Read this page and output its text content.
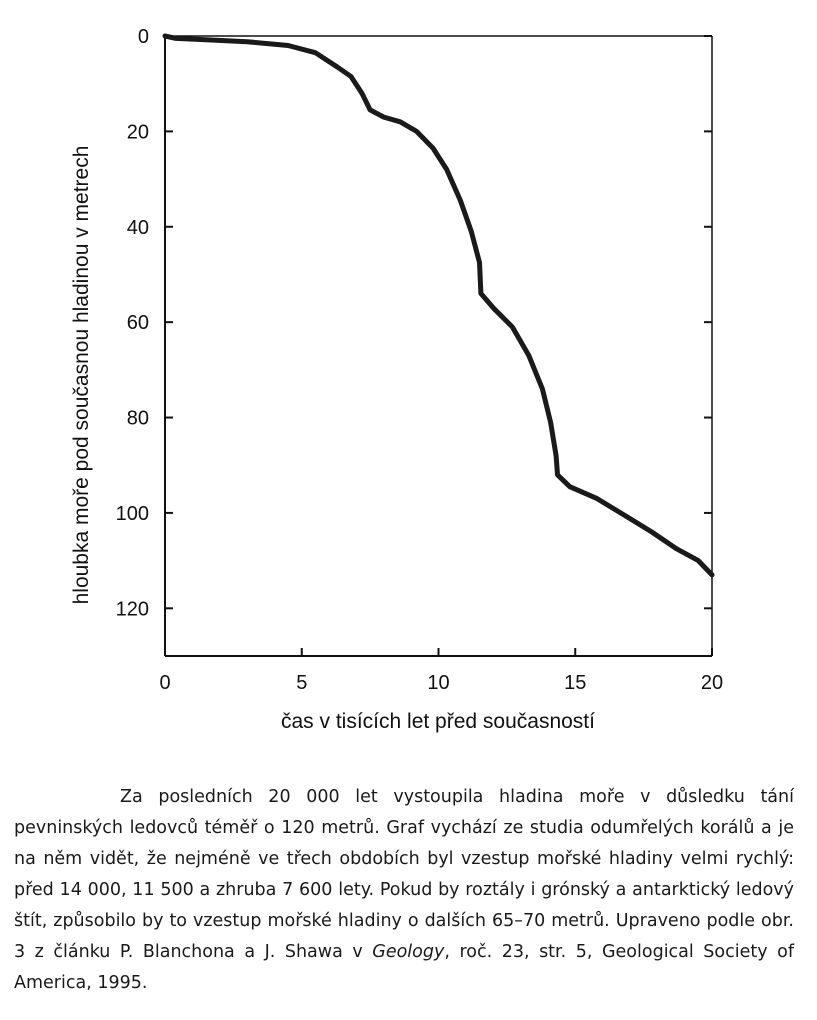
0
20
40
60
80
100
120
0	5	10	15	20
čas v tisících let před současností
hloubka moře pod současnou hladinou v metrech

Za posledních 20 000 let vystoupila hladina moře v důsledku tání pevninských ledovců téměř o 120 metrů. Graf vychází ze studia odumřelých korálů a je na něm vidět, že nejméně ve třech obdobích byl vzestup mořské hladiny velmi rychlý: před 14 000, 11 500 a zhruba 7 600 lety. Pokud by roztály i grónský a antarktický ledový štít, způsobilo by to vzestup mořské hladiny o dalších 65–70 metrů. Upraveno podle obr. 3 z článku P. Blanchona a J. Shawa v Geology, roč. 23, str. 5, Geological Society of America, 1995.
